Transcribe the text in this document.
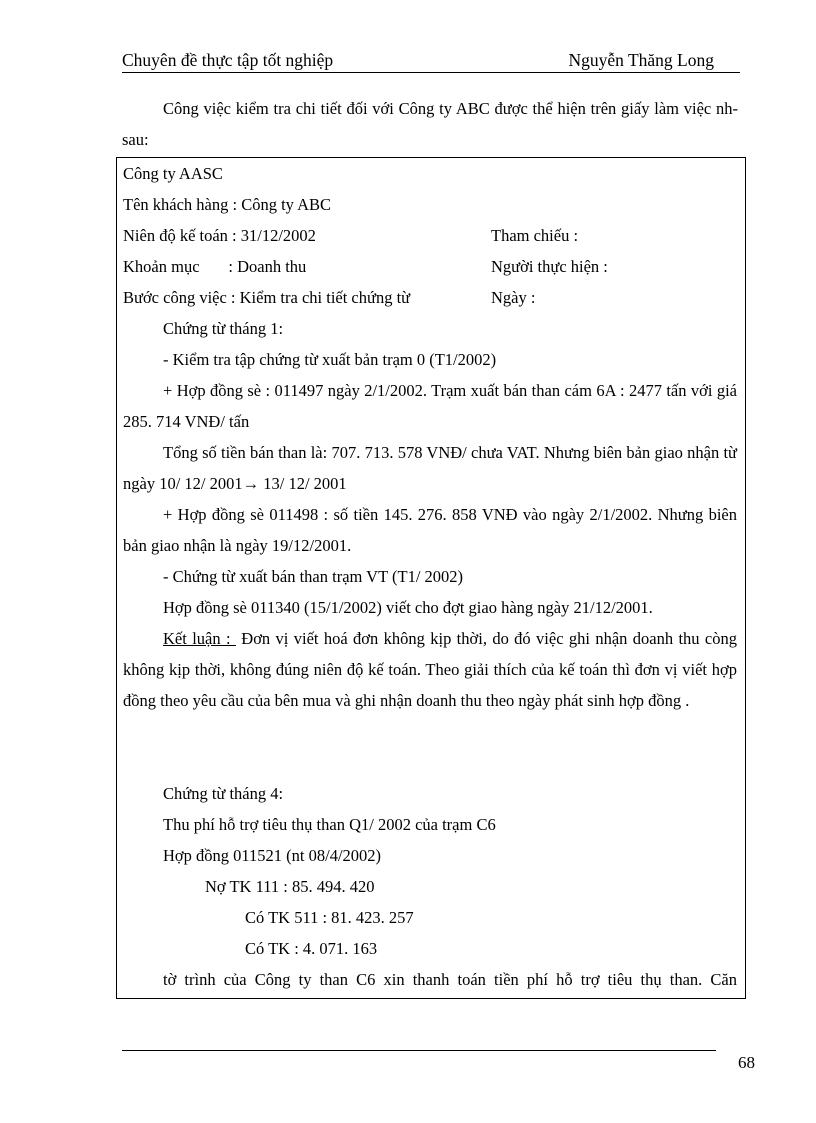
Chuyên đề thực tập tốt nghiệp	Nguyễn Thăng Long
Công việc kiểm tra chi tiết đối với Công ty ABC được thể hiện trên giấy làm việc nh sau:
Công ty AASC
Tên khách hàng : Công ty ABC
Niên độ kế toán : 31/12/2002	Tham chiếu :
Khoản mục       : Doanh thu	Người thực hiện :
Bước công việc : Kiểm tra chi tiết chứng từ	Ngày :
Chứng từ tháng 1:
- Kiểm tra tập chứng từ xuất bản trạm 0 (T1/2002)
+ Hợp đồng sè : 011497 ngày 2/1/2002. Trạm xuất bán than cám 6A : 2477 tấn với giá 285. 714 VNĐ/ tấn
Tổng số tiền bán than là: 707. 713. 578 VNĐ/ chưa VAT. Nhưng biên bản giao nhận từ ngày 10/ 12/ 2001→ 13/ 12/ 2001
+ Hợp đồng sè 011498 : số tiền 145. 276. 858 VNĐ vào ngày 2/1/2002. Nhưng biên bản giao nhận là ngày 19/12/2001.
- Chứng từ xuất bán than trạm VT (T1/ 2002)
Hợp đồng sè 011340 (15/1/2002) viết cho đợt giao hàng ngày 21/12/2001.
Kết luận :  Đơn vị viết hoá đơn không kịp thời, do đó việc ghi nhận doanh thu còng không kịp thời, không đúng niên độ kế toán. Theo giải thích của kế toán thì đơn vị viết hợp đồng theo yêu cầu của bên mua và ghi nhận doanh thu theo ngày phát sinh hợp đồng .
Chứng từ tháng 4:
Thu phí hỗ trợ tiêu thụ than Q1/ 2002 của trạm C6
Hợp đồng 011521 (nt 08/4/2002)
Nợ TK 111 : 85. 494. 420
Có TK 511 : 81. 423. 257
Có TK : 4. 071. 163
tờ trình của Công ty than C6 xin thanh toán tiền phí hỗ trợ tiêu thụ than. Căn
68
